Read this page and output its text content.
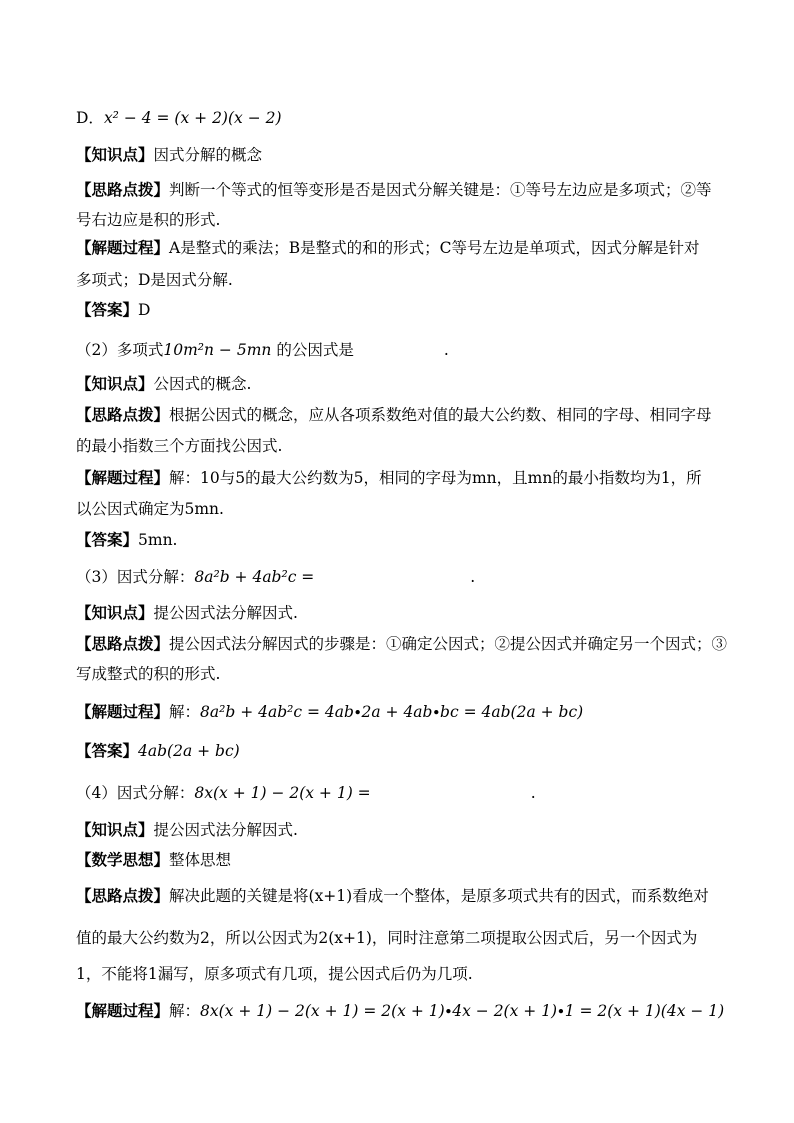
D．x² − 4 = (x + 2)(x − 2)
【知识点】因式分解的概念
【思路点拨】判断一个等式的恒等变形是否是因式分解关键是：①等号左边应是多项式；②等
号右边应是积的形式.
【解题过程】A是整式的乘法；B是整式的和的形式；C等号左边是单项式，因式分解是针对
多项式；D是因式分解.
【答案】D
（2）多项式10m²n − 5mn 的公因式是	.
【知识点】公因式的概念.
【思路点拨】根据公因式的概念，应从各项系数绝对值的最大公约数、相同的字母、相同字母
的最小指数三个方面找公因式.
【解题过程】解：10与5的最大公约数为5，相同的字母为mn，且mn的最小指数均为1，所
以公因式确定为5mn.
【答案】5mn.
（3）因式分解：8a²b + 4ab²c =	.
【知识点】提公因式法分解因式.
【思路点拨】提公因式法分解因式的步骤是：①确定公因式；②提公因式并确定另一个因式；③
写成整式的积的形式.
【解题过程】解：8a²b + 4ab²c = 4ab∙2a + 4ab∙bc = 4ab(2a + bc)
【答案】4ab(2a + bc)
（4）因式分解：8x(x + 1) − 2(x + 1) =	.
【知识点】提公因式法分解因式.
【数学思想】整体思想
【思路点拨】解决此题的关键是将(x+1)看成一个整体，是原多项式共有的因式，而系数绝对
值的最大公约数为2，所以公因式为2(x+1)，同时注意第二项提取公因式后，另一个因式为
1，不能将1漏写，原多项式有几项，提公因式后仍为几项.
【解题过程】解：8x(x + 1) − 2(x + 1) = 2(x + 1)∙4x − 2(x + 1)∙1 = 2(x + 1)(4x − 1)
